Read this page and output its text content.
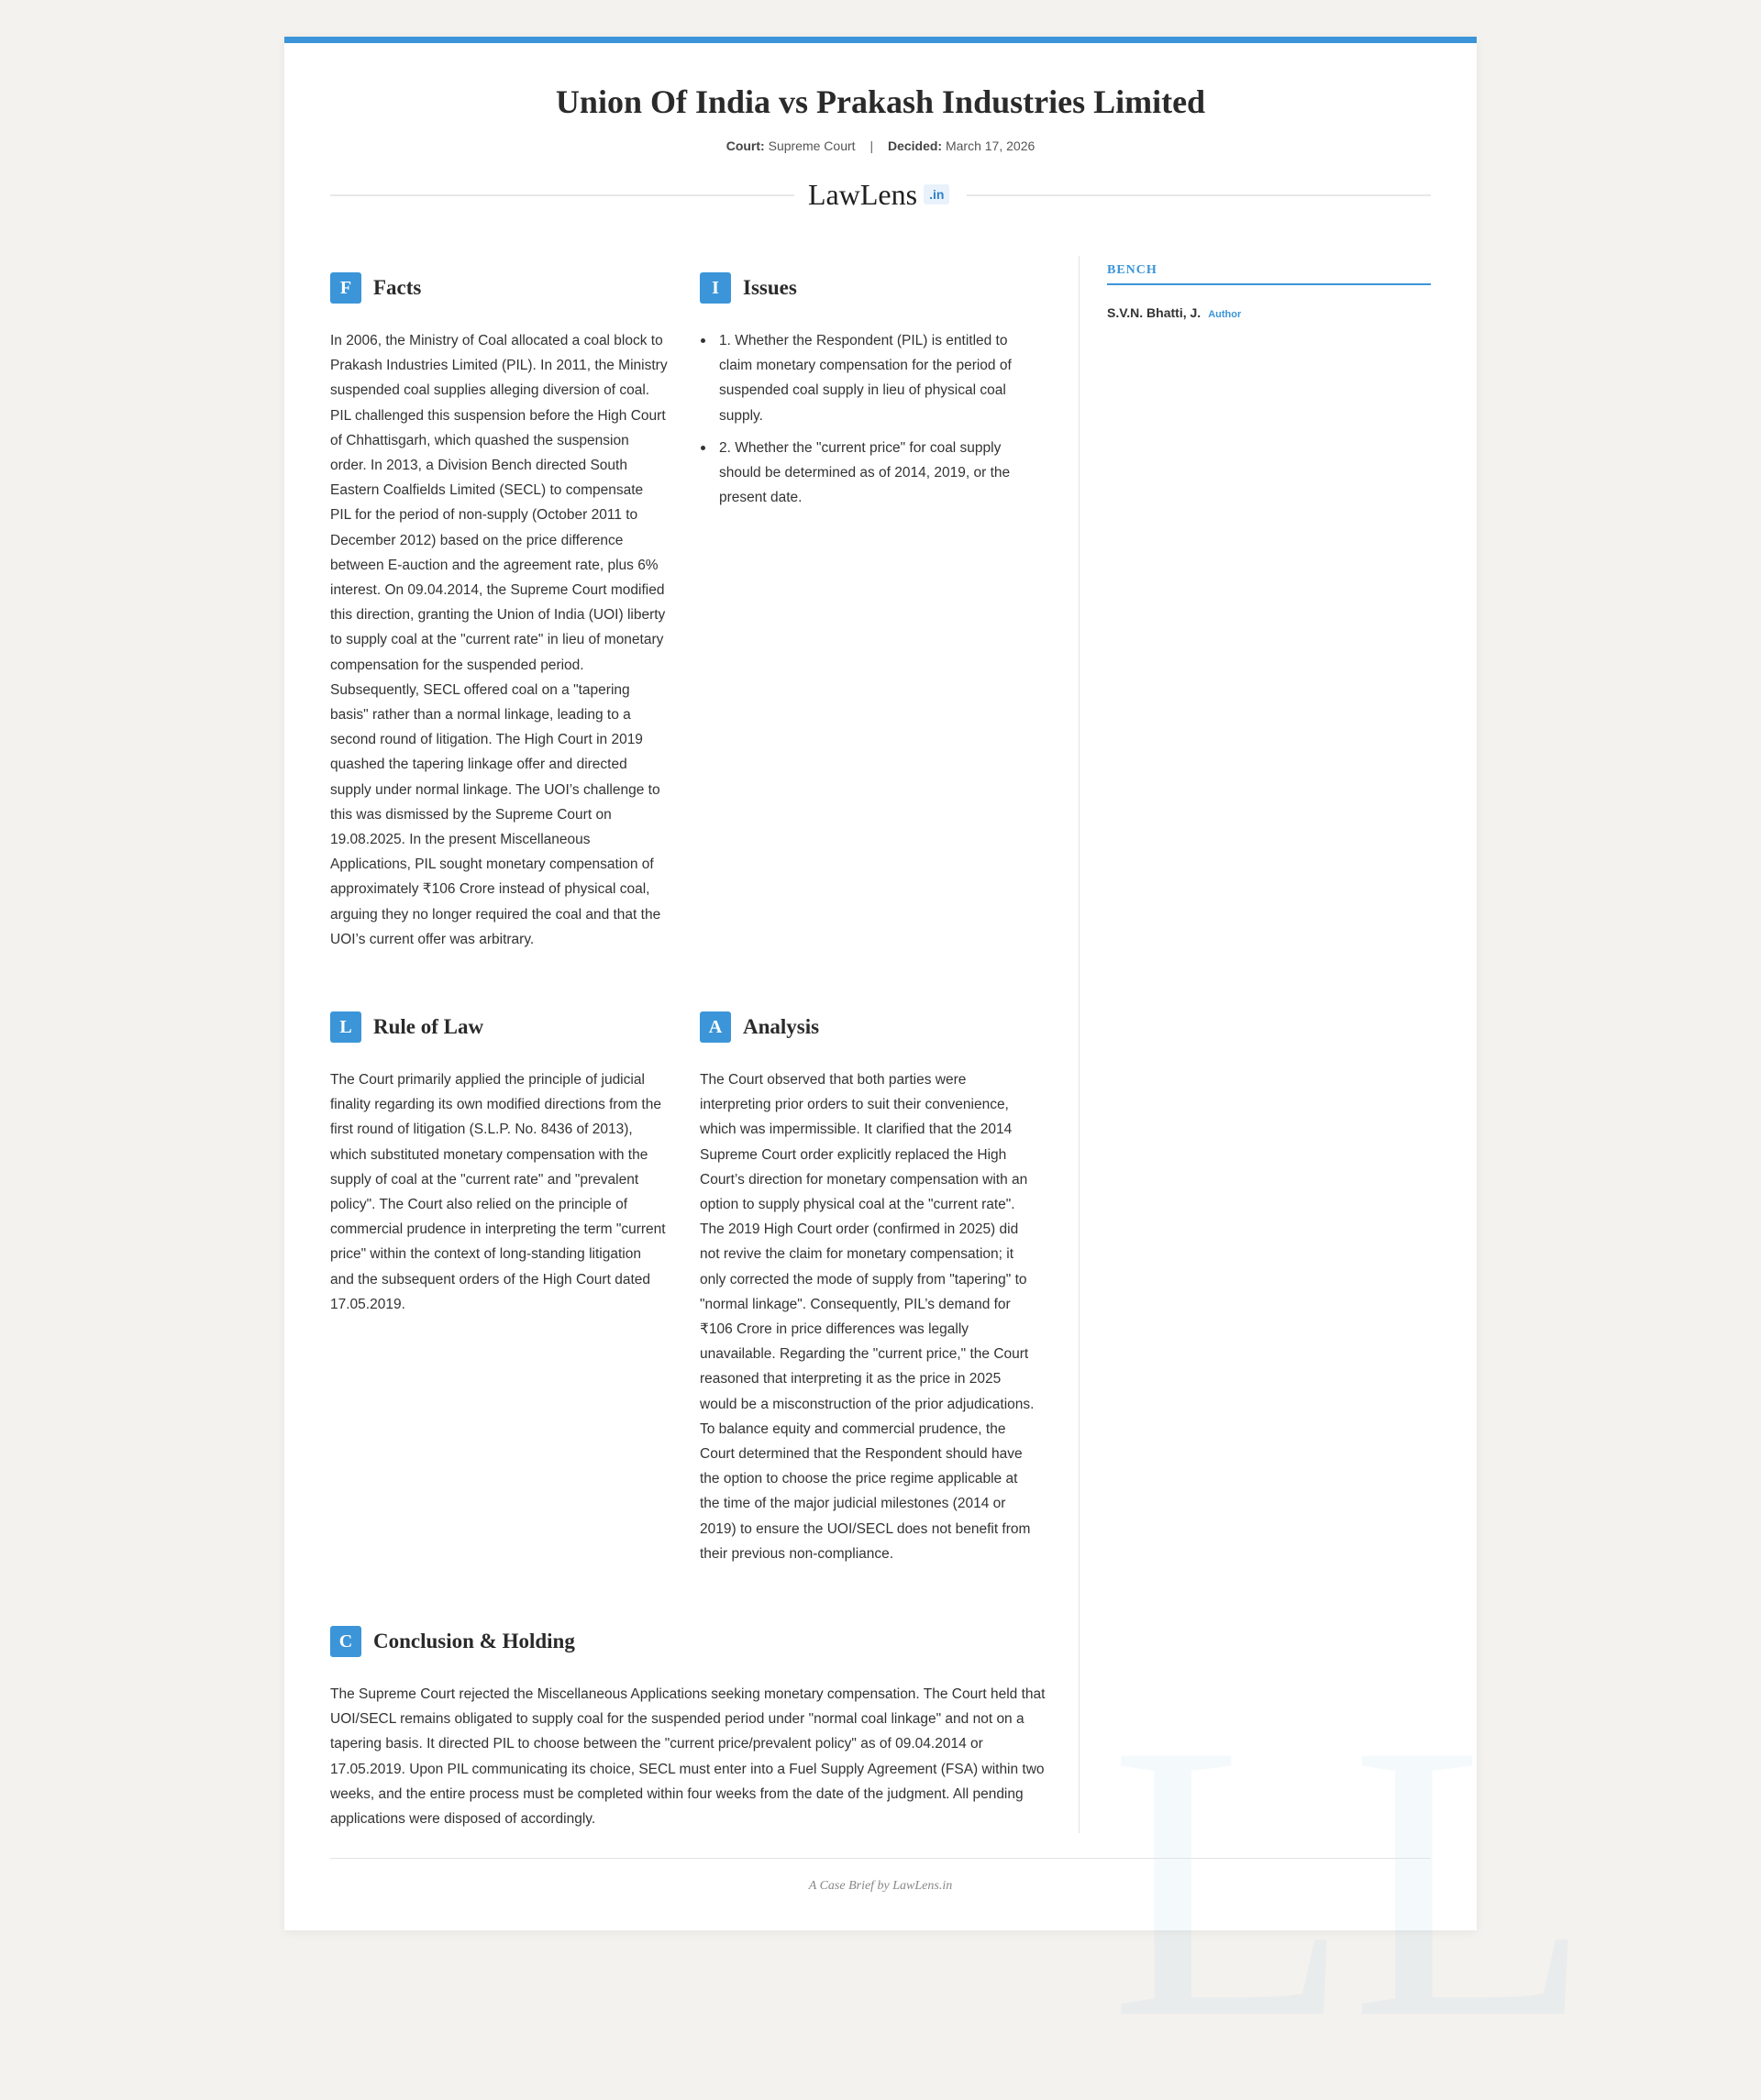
LL
Union Of India vs Prakash Industries Limited
Court: Supreme Court | Decided: March 17, 2026
LawLens .in
F	Facts

In 2006, the Ministry of Coal allocated a coal block to Prakash Industries Limited (PIL). In 2011, the Ministry suspended coal supplies alleging diversion of coal. PIL challenged this suspension before the High Court of Chhattisgarh, which quashed the suspension order. In 2013, a Division Bench directed South Eastern Coalfields Limited (SECL) to compensate PIL for the period of non-supply (October 2011 to December 2012) based on the price difference between E-auction and the agreement rate, plus 6% interest. On 09.04.2014, the Supreme Court modified this direction, granting the Union of India (UOI) liberty to supply coal at the "current rate" in lieu of monetary compensation for the suspended period. Subsequently, SECL offered coal on a "tapering basis" rather than a normal linkage, leading to a second round of litigation. The High Court in 2019 quashed the tapering linkage offer and directed supply under normal linkage. The UOI’s challenge to this was dismissed by the Supreme Court on 19.08.2025. In the present Miscellaneous Applications, PIL sought monetary compensation of approximately ₹106 Crore instead of physical coal, arguing they no longer required the coal and that the UOI’s current offer was arbitrary.

I	Issues
1. Whether the Respondent (PIL) is entitled to claim monetary compensation for the period of suspended coal supply in lieu of physical coal supply.
2. Whether the "current price" for coal supply should be determined as of 2014, 2019, or the present date.
L	Rule of Law

The Court primarily applied the principle of judicial finality regarding its own modified directions from the first round of litigation (S.L.P. No. 8436 of 2013), which substituted monetary compensation with the supply of coal at the "current rate" and "prevalent policy". The Court also relied on the principle of commercial prudence in interpreting the term "current price" within the context of long-standing litigation and the subsequent orders of the High Court dated 17.05.2019.

A Analysis

The Court observed that both parties were interpreting prior orders to suit their convenience, which was impermissible. It clarified that the 2014 Supreme Court order explicitly replaced the High Court’s direction for monetary compensation with an option to supply physical coal at the "current rate". The 2019 High Court order (confirmed in 2025) did not revive the claim for monetary compensation; it only corrected the mode of supply from "tapering" to "normal linkage". Consequently, PIL’s demand for ₹106 Crore in price differences was legally unavailable. Regarding the "current price," the Court reasoned that interpreting it as the price in 2025 would be a misconstruction of the prior adjudications. To balance equity and commercial prudence, the Court determined that the Respondent should have the option to choose the price regime applicable at the time of the major judicial milestones (2014 or 2019) to ensure the UOI/SECL does not benefit from their previous non-compliance.

C Conclusion & Holding

The Supreme Court rejected the Miscellaneous Applications seeking monetary compensation. The Court held that UOI/SECL remains obligated to supply coal for the suspended period under "normal coal linkage" and not on a tapering basis. It directed PIL to choose between the "current price/prevalent policy" as of 09.04.2014 or 17.05.2019. Upon PIL communicating its choice, SECL must enter into a Fuel Supply Agreement (FSA) within two weeks, and the entire process must be completed within four weeks from the date of the judgment. All pending applications were disposed of accordingly.

BENCH
S.V.N. Bhatti, J. Author
A Case Brief by LawLens.in
